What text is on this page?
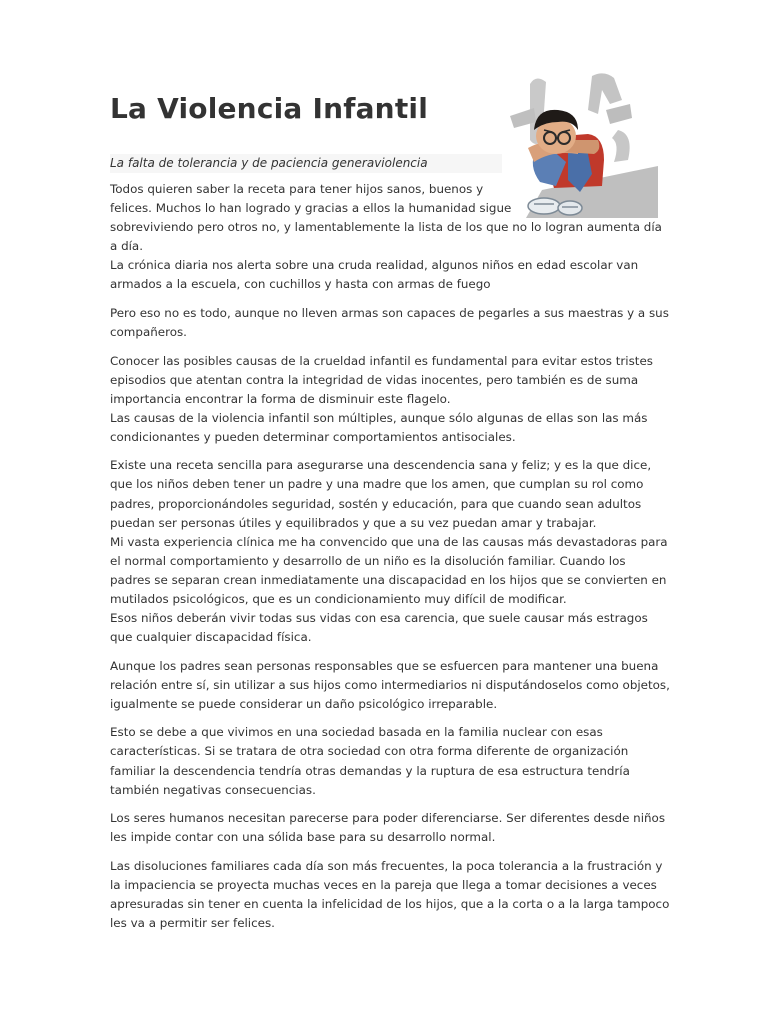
La Violencia Infantil
La falta de tolerancia y de paciencia generaviolencia

Todos quieren saber la receta para tener hijos sanos, buenos y
felices. Muchos lo han logrado y gracias a ellos la humanidad sigue
sobreviviendo pero otros no, y lamentablemente la lista de los que no lo logran aumenta día
a día.
La crónica diaria nos alerta sobre una cruda realidad, algunos niños en edad escolar van
armados a la escuela, con cuchillos y hasta con armas de fuego

Pero eso no es todo, aunque no lleven armas son capaces de pegarles a sus maestras y a sus
compañeros.

Conocer las posibles causas de la crueldad infantil es fundamental para evitar estos tristes
episodios que atentan contra la integridad de vidas inocentes, pero también es de suma
importancia encontrar la forma de disminuir este flagelo.
Las causas de la violencia infantil son múltiples, aunque sólo algunas de ellas son las más
condicionantes y pueden determinar comportamientos antisociales.

Existe una receta sencilla para asegurarse una descendencia sana y feliz; y es la que dice,
que los niños deben tener un padre y una madre que los amen, que cumplan su rol como
padres, proporcionándoles seguridad, sostén y educación, para que cuando sean adultos
puedan ser personas útiles y equilibrados y que a su vez puedan amar y trabajar.
Mi vasta experiencia clínica me ha convencido que una de las causas más devastadoras para
el normal comportamiento y desarrollo de un niño es la disolución familiar. Cuando los
padres se separan crean inmediatamente una discapacidad en los hijos que se convierten en
mutilados psicológicos, que es un condicionamiento muy difícil de modificar.
Esos niños deberán vivir todas sus vidas con esa carencia, que suele causar más estragos
que cualquier discapacidad física.

Aunque los padres sean personas responsables que se esfuercen para mantener una buena
relación entre sí, sin utilizar a sus hijos como intermediarios ni disputándoselos como objetos,
igualmente se puede considerar un daño psicológico irreparable.

Esto se debe a que vivimos en una sociedad basada en la familia nuclear con esas
características. Si se tratara de otra sociedad con otra forma diferente de organización
familiar la descendencia tendría otras demandas y la ruptura de esa estructura tendría
también negativas consecuencias.

Los seres humanos necesitan parecerse para poder diferenciarse. Ser diferentes desde niños
les impide contar con una sólida base para su desarrollo normal.

Las disoluciones familiares cada día son más frecuentes, la poca tolerancia a la frustración y
la impaciencia se proyecta muchas veces en la pareja que llega a tomar decisiones a veces
apresuradas sin tener en cuenta la infelicidad de los hijos, que a la corta o a la larga tampoco
les va a permitir ser felices.
